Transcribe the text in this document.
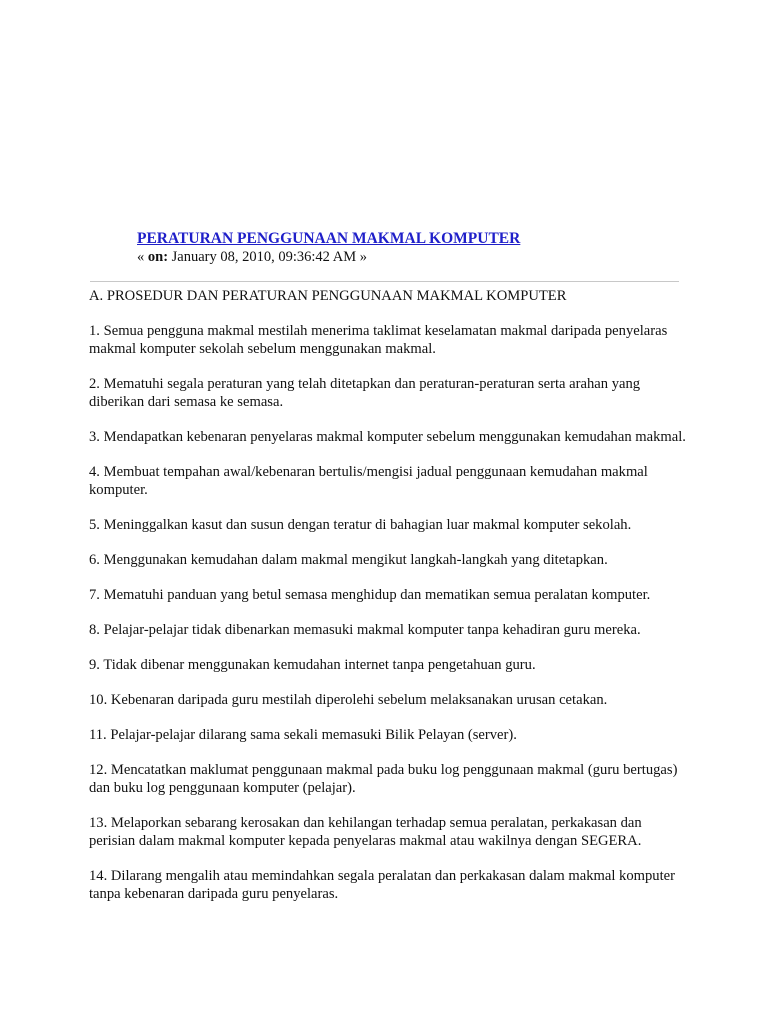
PERATURAN PENGGUNAAN MAKMAL KOMPUTER
« on: January 08, 2010, 09:36:42 AM »

A. PROSEDUR DAN PERATURAN PENGGUNAAN MAKMAL KOMPUTER

1. Semua pengguna makmal mestilah menerima taklimat keselamatan makmal daripada penyelaras makmal komputer sekolah sebelum menggunakan makmal.

2. Mematuhi segala peraturan yang telah ditetapkan dan peraturan-peraturan serta arahan yang diberikan dari semasa ke semasa.

3. Mendapatkan kebenaran penyelaras makmal komputer sebelum menggunakan kemudahan makmal.

4. Membuat tempahan awal/kebenaran bertulis/mengisi jadual penggunaan kemudahan makmal komputer.

5. Meninggalkan kasut dan susun dengan teratur di bahagian luar makmal komputer sekolah.

6. Menggunakan kemudahan dalam makmal mengikut langkah-langkah yang ditetapkan.

7. Mematuhi panduan yang betul semasa menghidup dan mematikan semua peralatan komputer.

8. Pelajar-pelajar tidak dibenarkan memasuki makmal komputer tanpa kehadiran guru mereka.

9. Tidak dibenar menggunakan kemudahan internet tanpa pengetahuan guru.

10. Kebenaran daripada guru mestilah diperolehi sebelum melaksanakan urusan cetakan.

11. Pelajar-pelajar dilarang sama sekali memasuki Bilik Pelayan (server).

12. Mencatatkan maklumat penggunaan makmal pada buku log penggunaan makmal (guru bertugas) dan buku log penggunaan komputer (pelajar).

13. Melaporkan sebarang kerosakan dan kehilangan terhadap semua peralatan, perkakasan dan perisian dalam makmal komputer kepada penyelaras makmal atau wakilnya dengan SEGERA.

14. Dilarang mengalih atau memindahkan segala peralatan dan perkakasan dalam makmal komputer tanpa kebenaran daripada guru penyelaras.
